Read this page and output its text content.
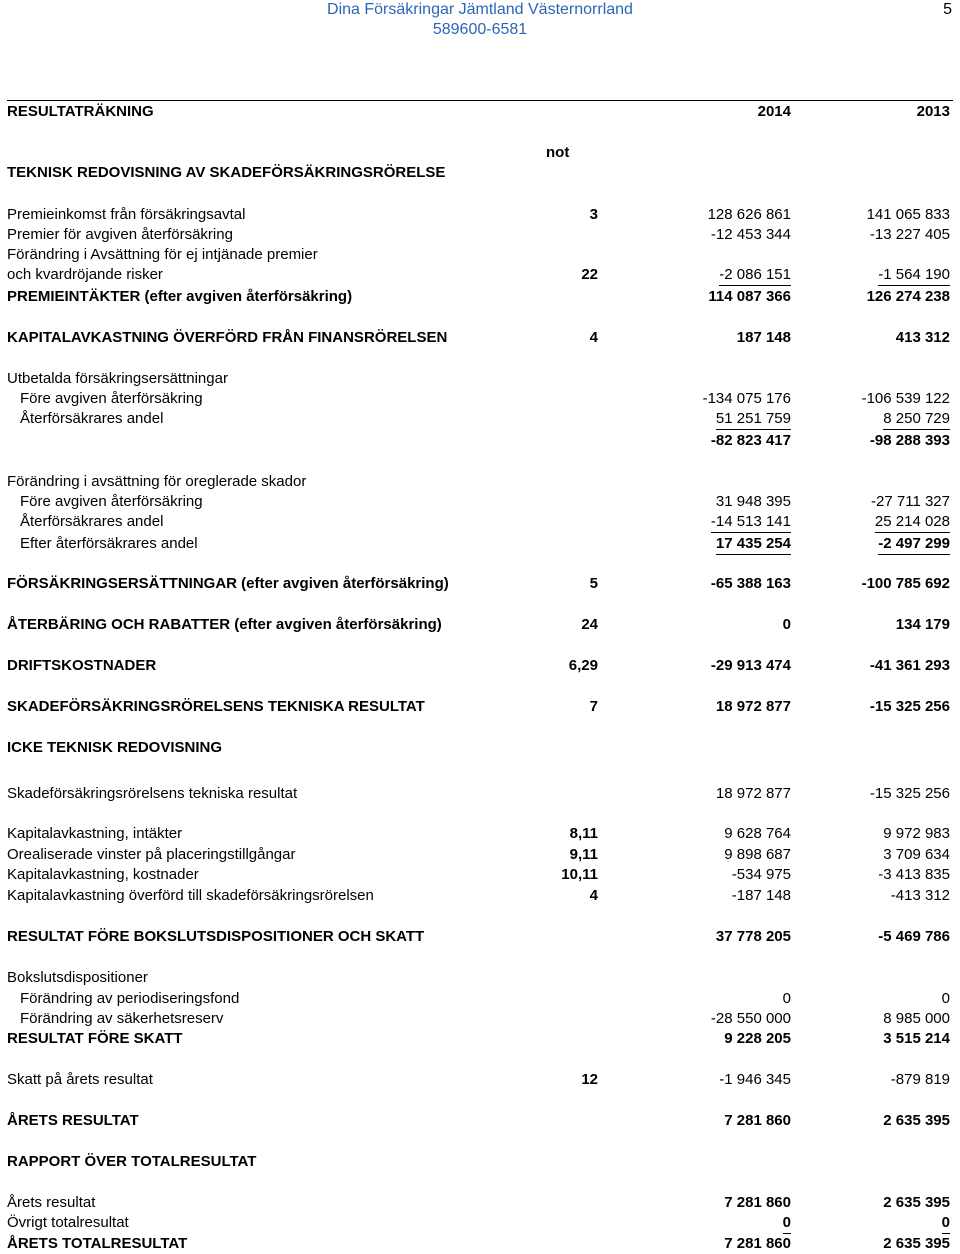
Dina Försäkringar Jämtland Västernorrland
589600-6581
5
RESULTATRÄKNING	2014	2013
not
TEKNISK REDOVISNING AV SKADEFÖRSÄKRINGSRÖRELSE
Premieinkomst från försäkringsavtal	3	128 626 861	141 065 833
Premier för avgiven återförsäkring	-12 453 344	-13 227 405
Förändring i Avsättning för ej intjänade premier
och kvardröjande risker	22	-2 086 151	-1 564 190
PREMIEINTÄKTER (efter avgiven återförsäkring)	114 087 366	126 274 238
KAPITALAVKASTNING ÖVERFÖRD FRÅN FINANSRÖRELSEN	4	187 148	413 312
Utbetalda försäkringsersättningar
Före avgiven återförsäkring	-134 075 176	-106 539 122
Återförsäkrares andel	51 251 759	8 250 729
-82 823 417	-98 288 393
Förändring i avsättning för oreglerade skador
Före avgiven återförsäkring	31 948 395	-27 711 327
Återförsäkrares andel	-14 513 141	25 214 028
Efter återförsäkrares andel	17 435 254	-2 497 299
FÖRSÄKRINGSERSÄTTNINGAR (efter avgiven återförsäkring)	5	-65 388 163	-100 785 692
ÅTERBÄRING OCH RABATTER (efter avgiven återförsäkring)	24	0	134 179
DRIFTSKOSTNADER	6,29	-29 913 474	-41 361 293
SKADEFÖRSÄKRINGSRÖRELSENS TEKNISKA RESULTAT	7	18 972 877	-15 325 256
ICKE TEKNISK REDOVISNING
Skadeförsäkringsrörelsens tekniska resultat	18 972 877	-15 325 256
Kapitalavkastning, intäkter	8,11	9 628 764	9 972 983
Orealiserade vinster på placeringstillgångar	9,11	9 898 687	3 709 634
Kapitalavkastning, kostnader	10,11	-534 975	-3 413 835
Kapitalavkastning överförd till skadeförsäkringsrörelsen	4	-187 148	-413 312
RESULTAT FÖRE BOKSLUTSDISPOSITIONER OCH SKATT	37 778 205	-5 469 786
Bokslutsdispositioner
Förändring av periodiseringsfond	0	0
Förändring av säkerhetsreserv	-28 550 000	8 985 000
RESULTAT FÖRE SKATT	9 228 205	3 515 214
Skatt på årets resultat	12	-1 946 345	-879 819
ÅRETS RESULTAT	7 281 860	2 635 395
RAPPORT ÖVER TOTALRESULTAT
Årets resultat	7 281 860	2 635 395
Övrigt totalresultat	0	0
ÅRETS TOTALRESULTAT	7 281 860	2 635 395
